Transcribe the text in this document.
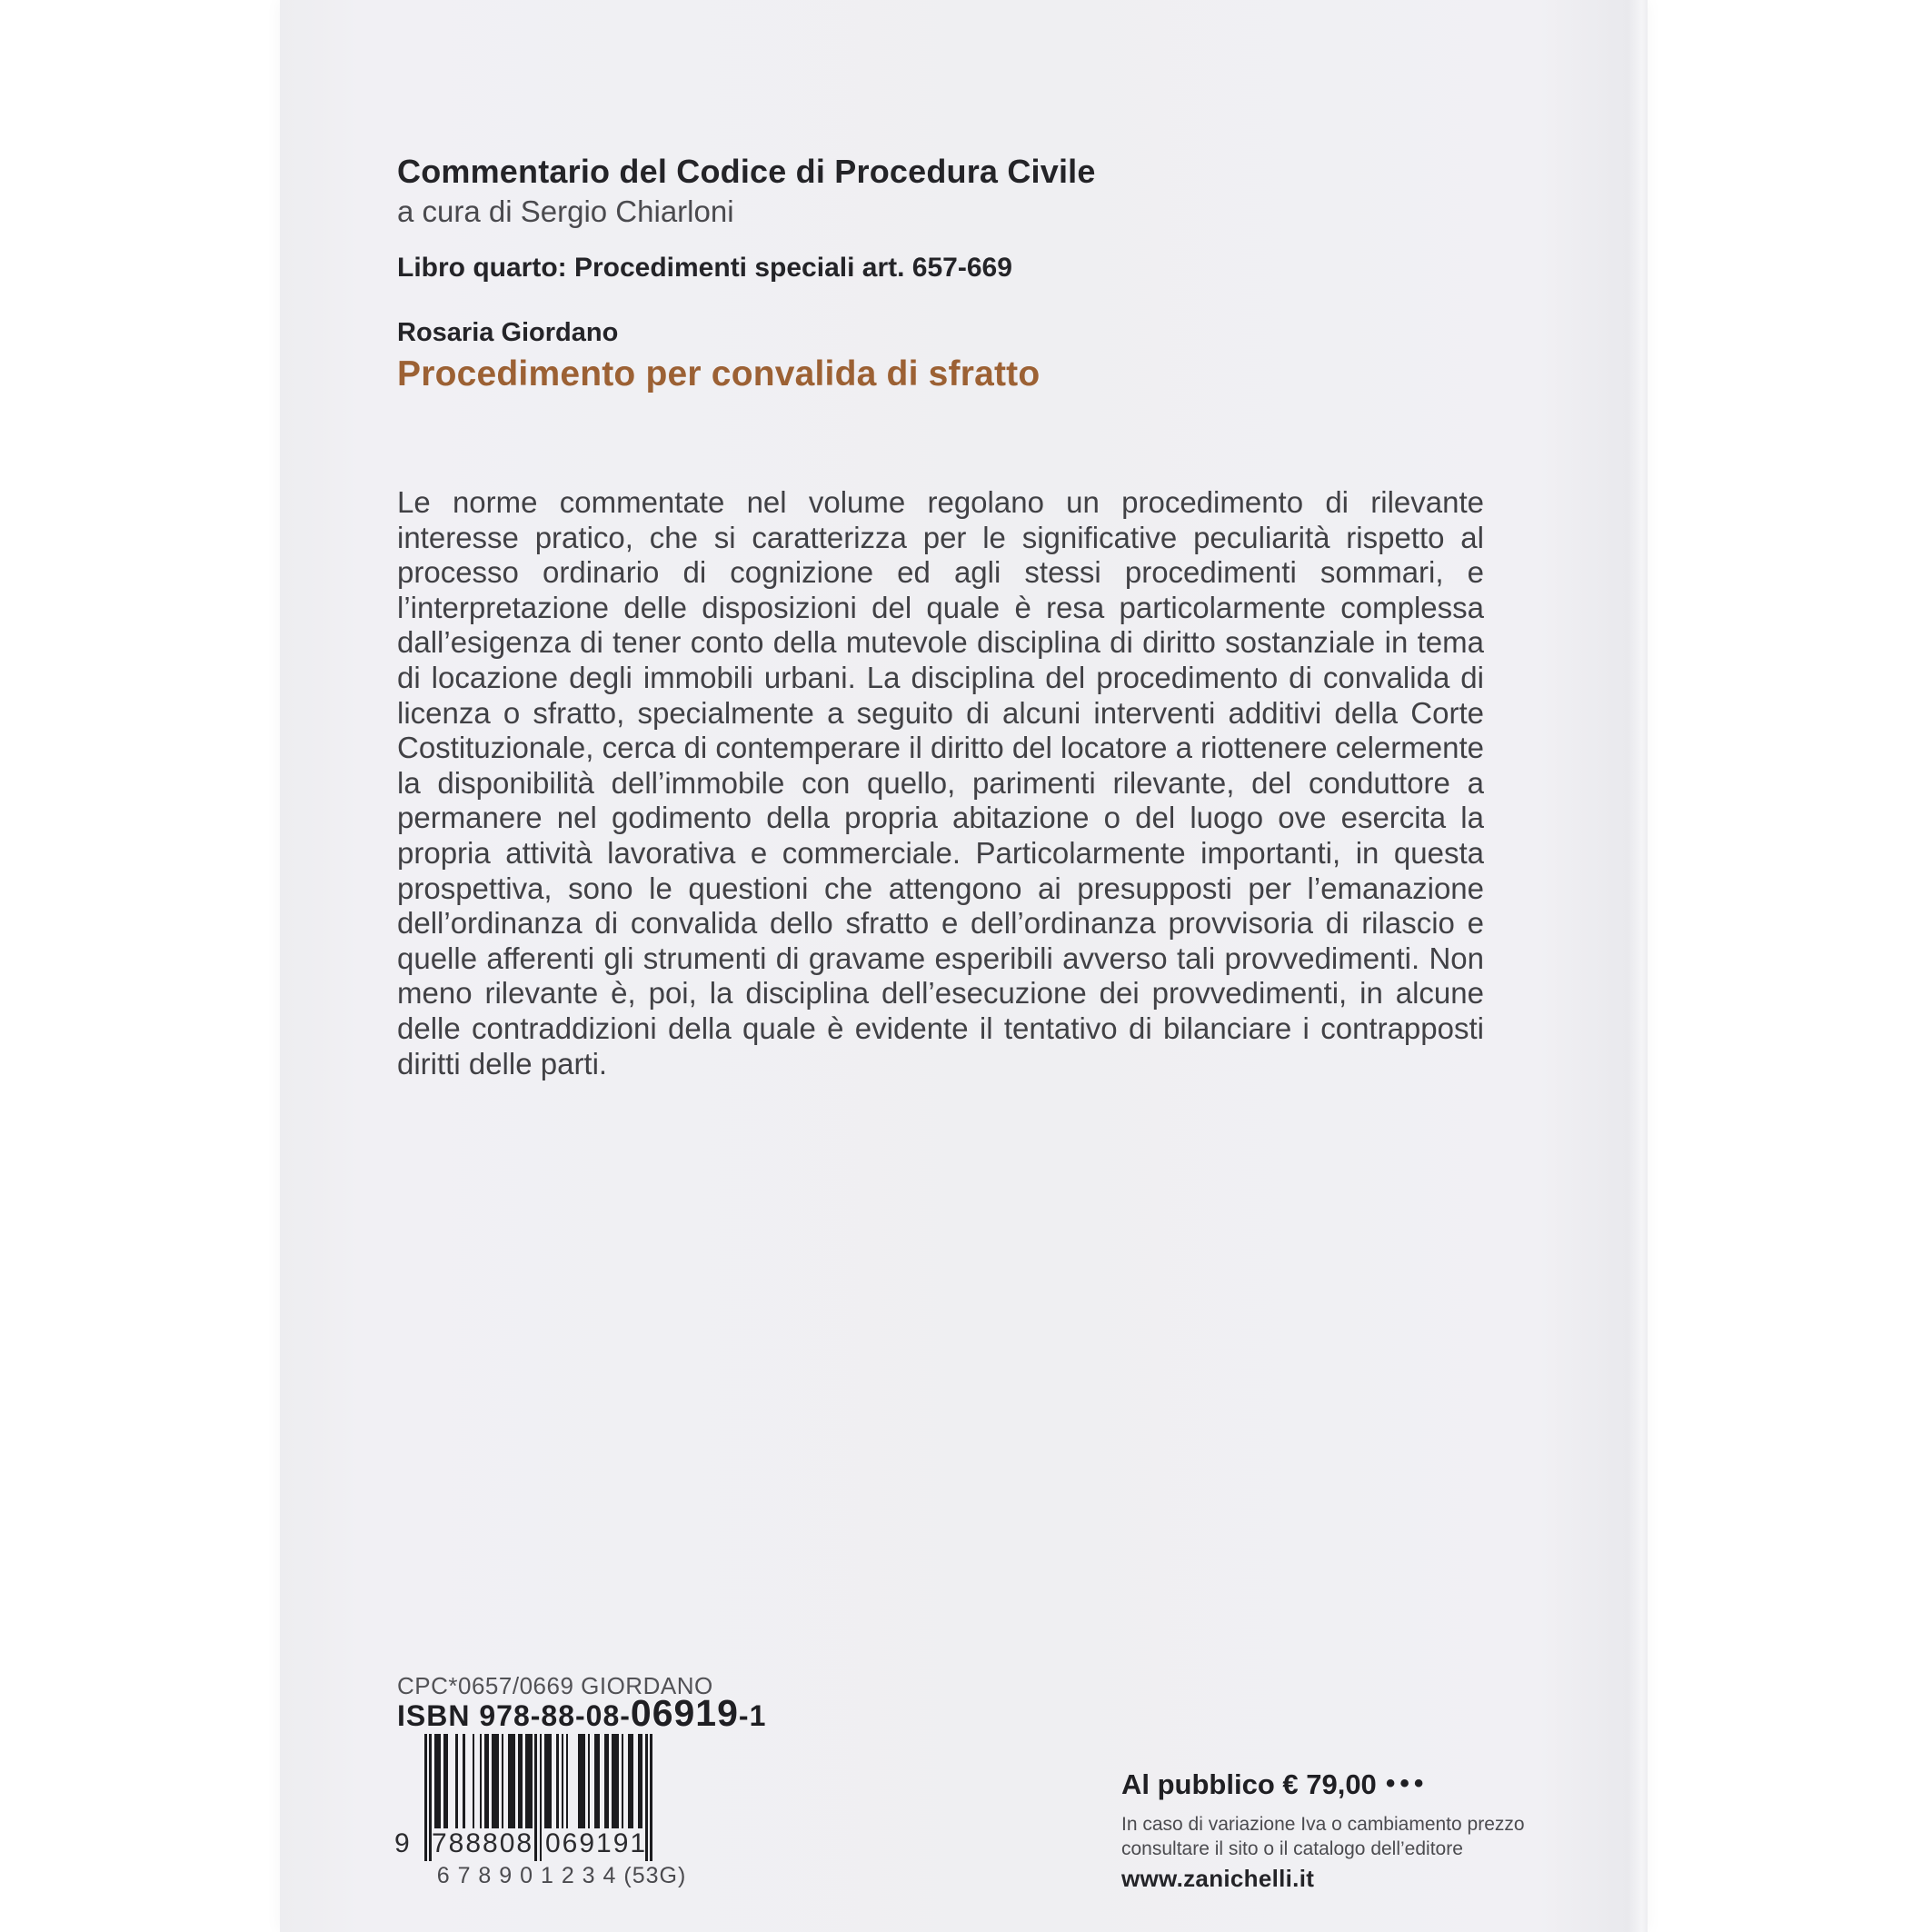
Commentario del Codice di Procedura Civile
a cura di Sergio Chiarloni
Libro quarto: Procedimenti speciali art. 657-669
Rosaria Giordano
Procedimento per convalida di sfratto
Le norme commentate nel volume regolano un procedimento di rilevante interesse pratico, che si caratterizza per le significative peculiarità rispetto al processo ordinario di cognizione ed agli stessi procedimenti sommari, e l’interpretazione delle disposizioni del quale è resa particolarmente complessa dall’esigenza di tener conto della mutevole disciplina di diritto sostanziale in tema di locazione degli immobili urbani. La disciplina del procedimento di convalida di licenza o sfratto, specialmente a seguito di alcuni interventi additivi della Corte Costituzionale, cerca di contemperare il diritto del locatore a riottenere celermente la disponibilità dell’immobile con quello, parimenti rilevante, del conduttore a permanere nel godimento della propria abitazione o del luogo ove esercita la propria attività lavorativa e commerciale. Particolarmente importanti, in questa prospettiva, sono le questioni che attengono ai presupposti per l’emanazione dell’ordinanza di convalida dello sfratto e dell’ordinanza provvisoria di rilascio e quelle afferenti gli strumenti di gravame esperibili avverso tali provvedimenti. Non meno rilevante è, poi, la disciplina dell’esecuzione dei provvedimenti, in alcune delle contraddizioni della quale è evidente il tentativo di bilanciare i contrapposti diritti delle parti.
CPC*0657/0669 GIORDANO
ISBN 978-88-08-06919-1
9 788808 069191
6 7 8 9 0 1 2 3 4 (53G)
Al pubblico € 79,00 •••
In caso di variazione Iva o cambiamento prezzo
consultare il sito o il catalogo dell’editore
www.zanichelli.it
